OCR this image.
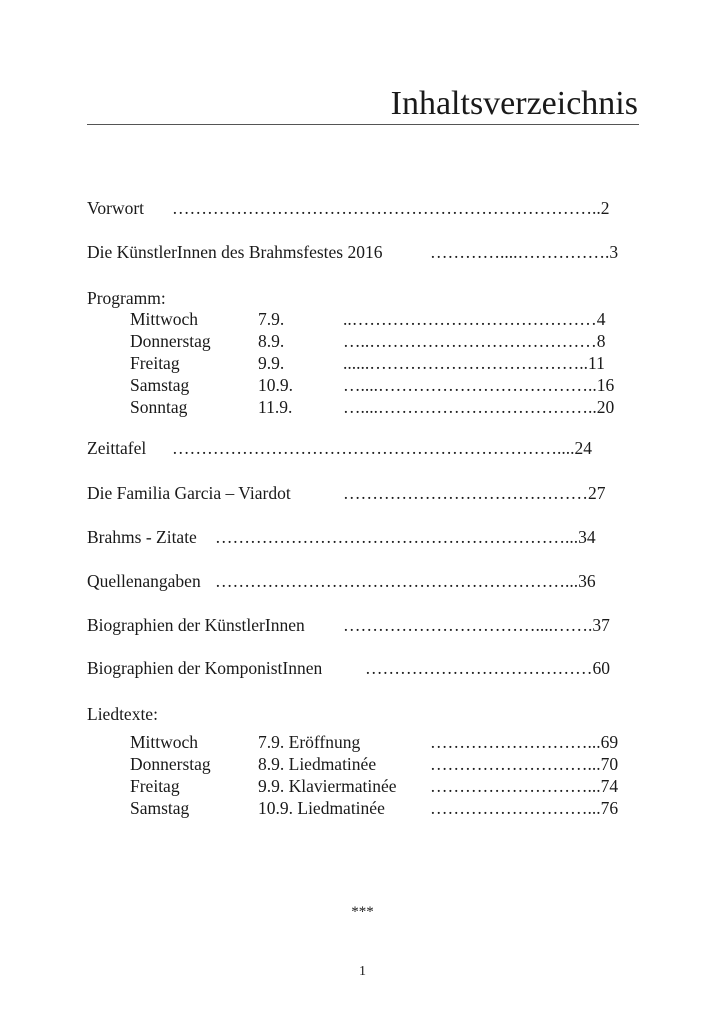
Inhaltsverzeichnis
Vorwort ………………………………………………………………..2
Die KünstlerInnen des Brahmsfestes 2016	…………....…………….3
Programm:
Mittwoch	7.9.	..……………………………………4
Donnerstag	8.9.	…..…………………………………8
Freitag	9.9.	......………………………………..11
Samstag	10.9.	…....………………………………..16
Sonntag	11.9.	…....………………………………..20
Zeittafel …………………………………………………………....24
Die Familia Garcia – Viardot	……………………………………27
Brahms - Zitate ……………………………………………………...34
Quellenangaben ……………………………………………………...36
Biographien der KünstlerInnen ……………………………....…….37
Biographien der KomponistInnen …………………………………60
Liedtexte:
Mittwoch	7.9. Eröffnung	………………………...69
Donnerstag	8.9. Liedmatinée	………………………...70
Freitag	9.9. Klaviermatinée ………………………...74
Samstag	10.9. Liedmatinée	………………………...76
***
1
